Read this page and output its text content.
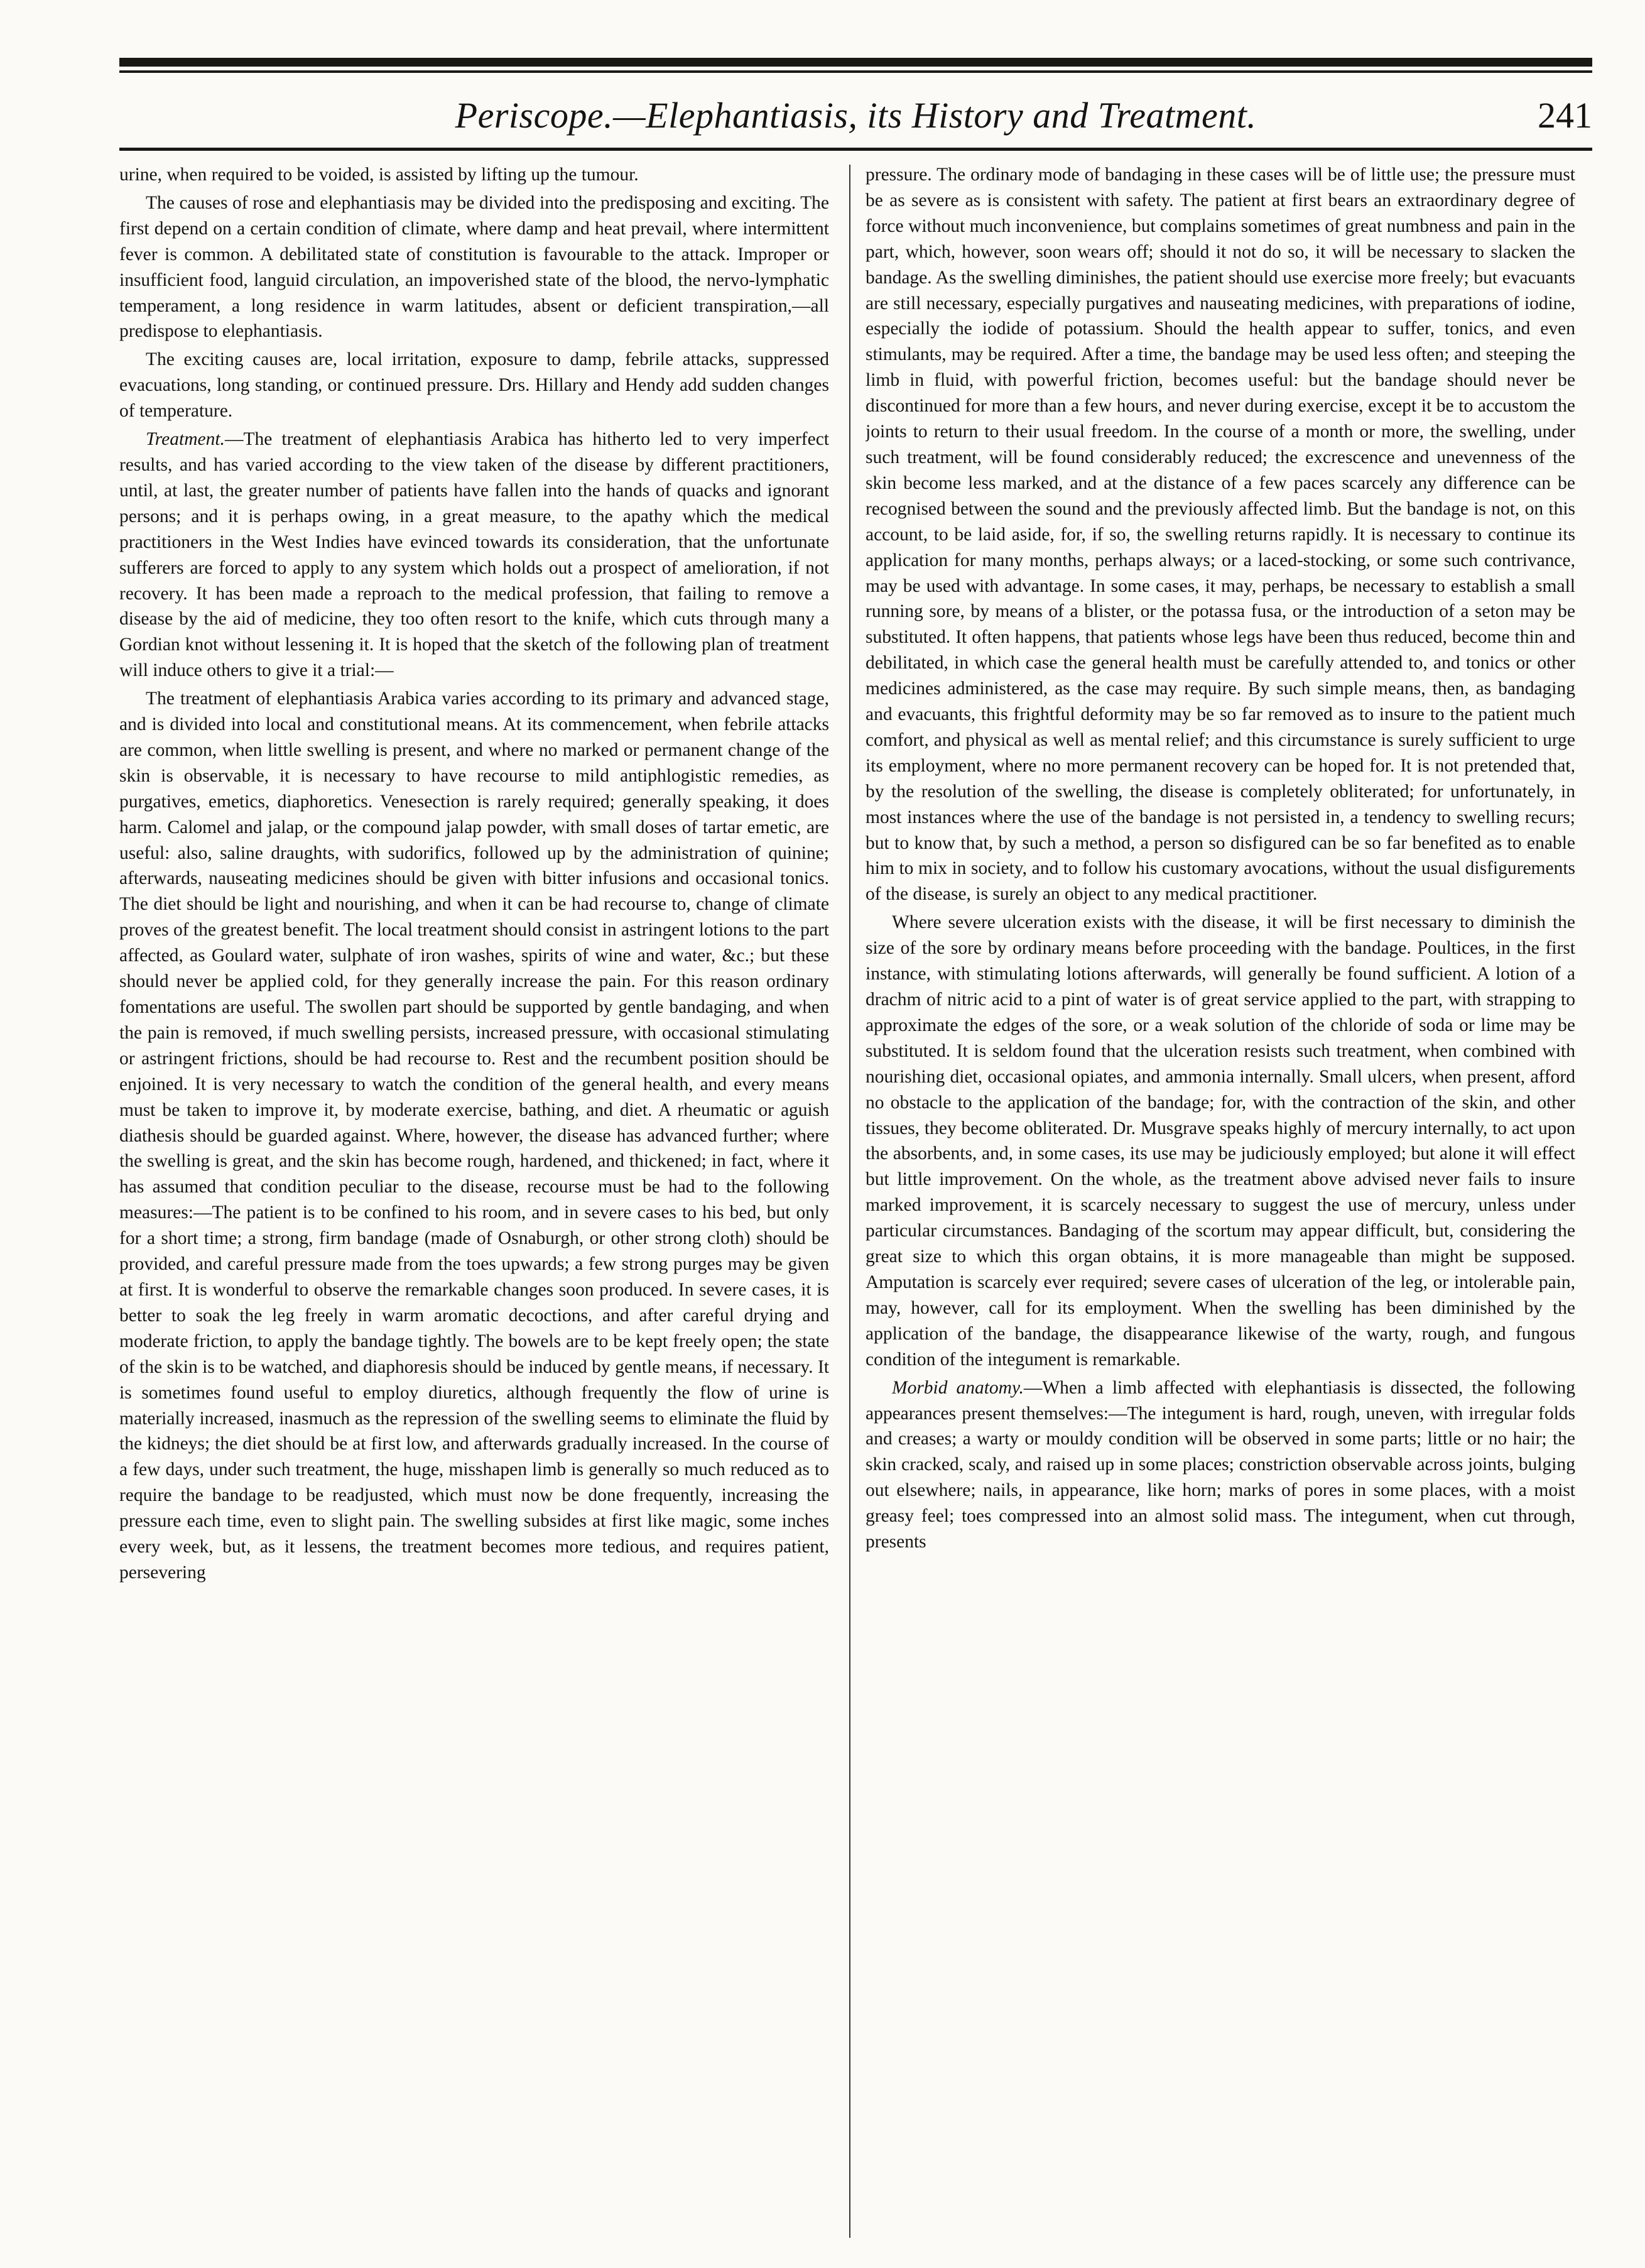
Periscope.—Elephantiasis, its History and Treatment.	241

urine, when required to be voided, is assisted by lifting up the tumour.

The causes of rose and elephantiasis may be divided into the predisposing and exciting. The first depend on a certain condition of climate, where damp and heat prevail, where intermittent fever is common. A debilitated state of constitution is favourable to the attack. Improper or insufficient food, languid circulation, an impoverished state of the blood, the nervo-lymphatic temperament, a long residence in warm latitudes, absent or deficient transpiration,—all predispose to elephantiasis.

The exciting causes are, local irritation, exposure to damp, febrile attacks, suppressed evacuations, long standing, or continued pressure. Drs. Hillary and Hendy add sudden changes of temperature.

Treatment.—The treatment of elephantiasis Arabica has hitherto led to very imperfect results, and has varied according to the view taken of the disease by different practitioners, until, at last, the greater number of patients have fallen into the hands of quacks and ignorant persons; and it is perhaps owing, in a great measure, to the apathy which the medical practitioners in the West Indies have evinced towards its consideration, that the unfortunate sufferers are forced to apply to any system which holds out a prospect of amelioration, if not recovery. It has been made a reproach to the medical profession, that failing to remove a disease by the aid of medicine, they too often resort to the knife, which cuts through many a Gordian knot without lessening it. It is hoped that the sketch of the following plan of treatment will induce others to give it a trial:—

The treatment of elephantiasis Arabica varies according to its primary and advanced stage, and is divided into local and constitutional means. At its commencement, when febrile attacks are common, when little swelling is present, and where no marked or permanent change of the skin is observable, it is necessary to have recourse to mild antiphlogistic remedies, as purgatives, emetics, diaphoretics. Venesection is rarely required; generally speaking, it does harm. Calomel and jalap, or the compound jalap powder, with small doses of tartar emetic, are useful: also, saline draughts, with sudorifics, followed up by the administration of quinine; afterwards, nauseating medicines should be given with bitter infusions and occasional tonics. The diet should be light and nourishing, and when it can be had recourse to, change of climate proves of the greatest benefit. The local treatment should consist in astringent lotions to the part affected, as Goulard water, sulphate of iron washes, spirits of wine and water, &c.; but these should never be applied cold, for they generally increase the pain. For this reason ordinary fomentations are useful. The swollen part should be supported by gentle bandaging, and when the pain is removed, if much swelling persists, increased pressure, with occasional stimulating or astringent frictions, should be had recourse to. Rest and the recumbent position should be enjoined. It is very necessary to watch the condition of the general health, and every means must be taken to improve it, by moderate exercise, bathing, and diet. A rheumatic or aguish diathesis should be guarded against. Where, however, the disease has advanced further; where the swelling is great, and the skin has become rough, hardened, and thickened; in fact, where it has assumed that condition peculiar to the disease, recourse must be had to the following measures:—The patient is to be confined to his room, and in severe cases to his bed, but only for a short time; a strong, firm bandage (made of Osnaburgh, or other strong cloth) should be provided, and careful pressure made from the toes upwards; a few strong purges may be given at first. It is wonderful to observe the remarkable changes soon produced. In severe cases, it is better to soak the leg freely in warm aromatic decoctions, and after careful drying and moderate friction, to apply the bandage tightly. The bowels are to be kept freely open; the state of the skin is to be watched, and diaphoresis should be induced by gentle means, if necessary. It is sometimes found useful to employ diuretics, although frequently the flow of urine is materially increased, inasmuch as the repression of the swelling seems to eliminate the fluid by the kidneys; the diet should be at first low, and afterwards gradually increased. In the course of a few days, under such treatment, the huge, misshapen limb is generally so much reduced as to require the bandage to be readjusted, which must now be done frequently, increasing the pressure each time, even to slight pain. The swelling subsides at first like magic, some inches every week, but, as it lessens, the treatment becomes more tedious, and requires patient, persevering

pressure. The ordinary mode of bandaging in these cases will be of little use; the pressure must be as severe as is consistent with safety. The patient at first bears an extraordinary degree of force without much inconvenience, but complains sometimes of great numbness and pain in the part, which, however, soon wears off; should it not do so, it will be necessary to slacken the bandage. As the swelling diminishes, the patient should use exercise more freely; but evacuants are still necessary, especially purgatives and nauseating medicines, with preparations of iodine, especially the iodide of potassium. Should the health appear to suffer, tonics, and even stimulants, may be required. After a time, the bandage may be used less often; and steeping the limb in fluid, with powerful friction, becomes useful: but the bandage should never be discontinued for more than a few hours, and never during exercise, except it be to accustom the joints to return to their usual freedom. In the course of a month or more, the swelling, under such treatment, will be found considerably reduced; the excrescence and unevenness of the skin become less marked, and at the distance of a few paces scarcely any difference can be recognised between the sound and the previously affected limb. But the bandage is not, on this account, to be laid aside, for, if so, the swelling returns rapidly. It is necessary to continue its application for many months, perhaps always; or a laced-stocking, or some such contrivance, may be used with advantage. In some cases, it may, perhaps, be necessary to establish a small running sore, by means of a blister, or the potassa fusa, or the introduction of a seton may be substituted. It often happens, that patients whose legs have been thus reduced, become thin and debilitated, in which case the general health must be carefully attended to, and tonics or other medicines administered, as the case may require. By such simple means, then, as bandaging and evacuants, this frightful deformity may be so far removed as to insure to the patient much comfort, and physical as well as mental relief; and this circumstance is surely sufficient to urge its employment, where no more permanent recovery can be hoped for. It is not pretended that, by the resolution of the swelling, the disease is completely obliterated; for unfortunately, in most instances where the use of the bandage is not persisted in, a tendency to swelling recurs; but to know that, by such a method, a person so disfigured can be so far benefited as to enable him to mix in society, and to follow his customary avocations, without the usual disfigurements of the disease, is surely an object to any medical practitioner.

Where severe ulceration exists with the disease, it will be first necessary to diminish the size of the sore by ordinary means before proceeding with the bandage. Poultices, in the first instance, with stimulating lotions afterwards, will generally be found sufficient. A lotion of a drachm of nitric acid to a pint of water is of great service applied to the part, with strapping to approximate the edges of the sore, or a weak solution of the chloride of soda or lime may be substituted. It is seldom found that the ulceration resists such treatment, when combined with nourishing diet, occasional opiates, and ammonia internally. Small ulcers, when present, afford no obstacle to the application of the bandage; for, with the contraction of the skin, and other tissues, they become obliterated. Dr. Musgrave speaks highly of mercury internally, to act upon the absorbents, and, in some cases, its use may be judiciously employed; but alone it will effect but little improvement. On the whole, as the treatment above advised never fails to insure marked improvement, it is scarcely necessary to suggest the use of mercury, unless under particular circumstances. Bandaging of the scortum may appear difficult, but, considering the great size to which this organ obtains, it is more manageable than might be supposed. Amputation is scarcely ever required; severe cases of ulceration of the leg, or intolerable pain, may, however, call for its employment. When the swelling has been diminished by the application of the bandage, the disappearance likewise of the warty, rough, and fungous condition of the integument is remarkable.

Morbid anatomy.—When a limb affected with elephantiasis is dissected, the following appearances present themselves:—The integument is hard, rough, uneven, with irregular folds and creases; a warty or mouldy condition will be observed in some parts; little or no hair; the skin cracked, scaly, and raised up in some places; constriction observable across joints, bulging out elsewhere; nails, in appearance, like horn; marks of pores in some places, with a moist greasy feel; toes compressed into an almost solid mass. The integument, when cut through, presents
